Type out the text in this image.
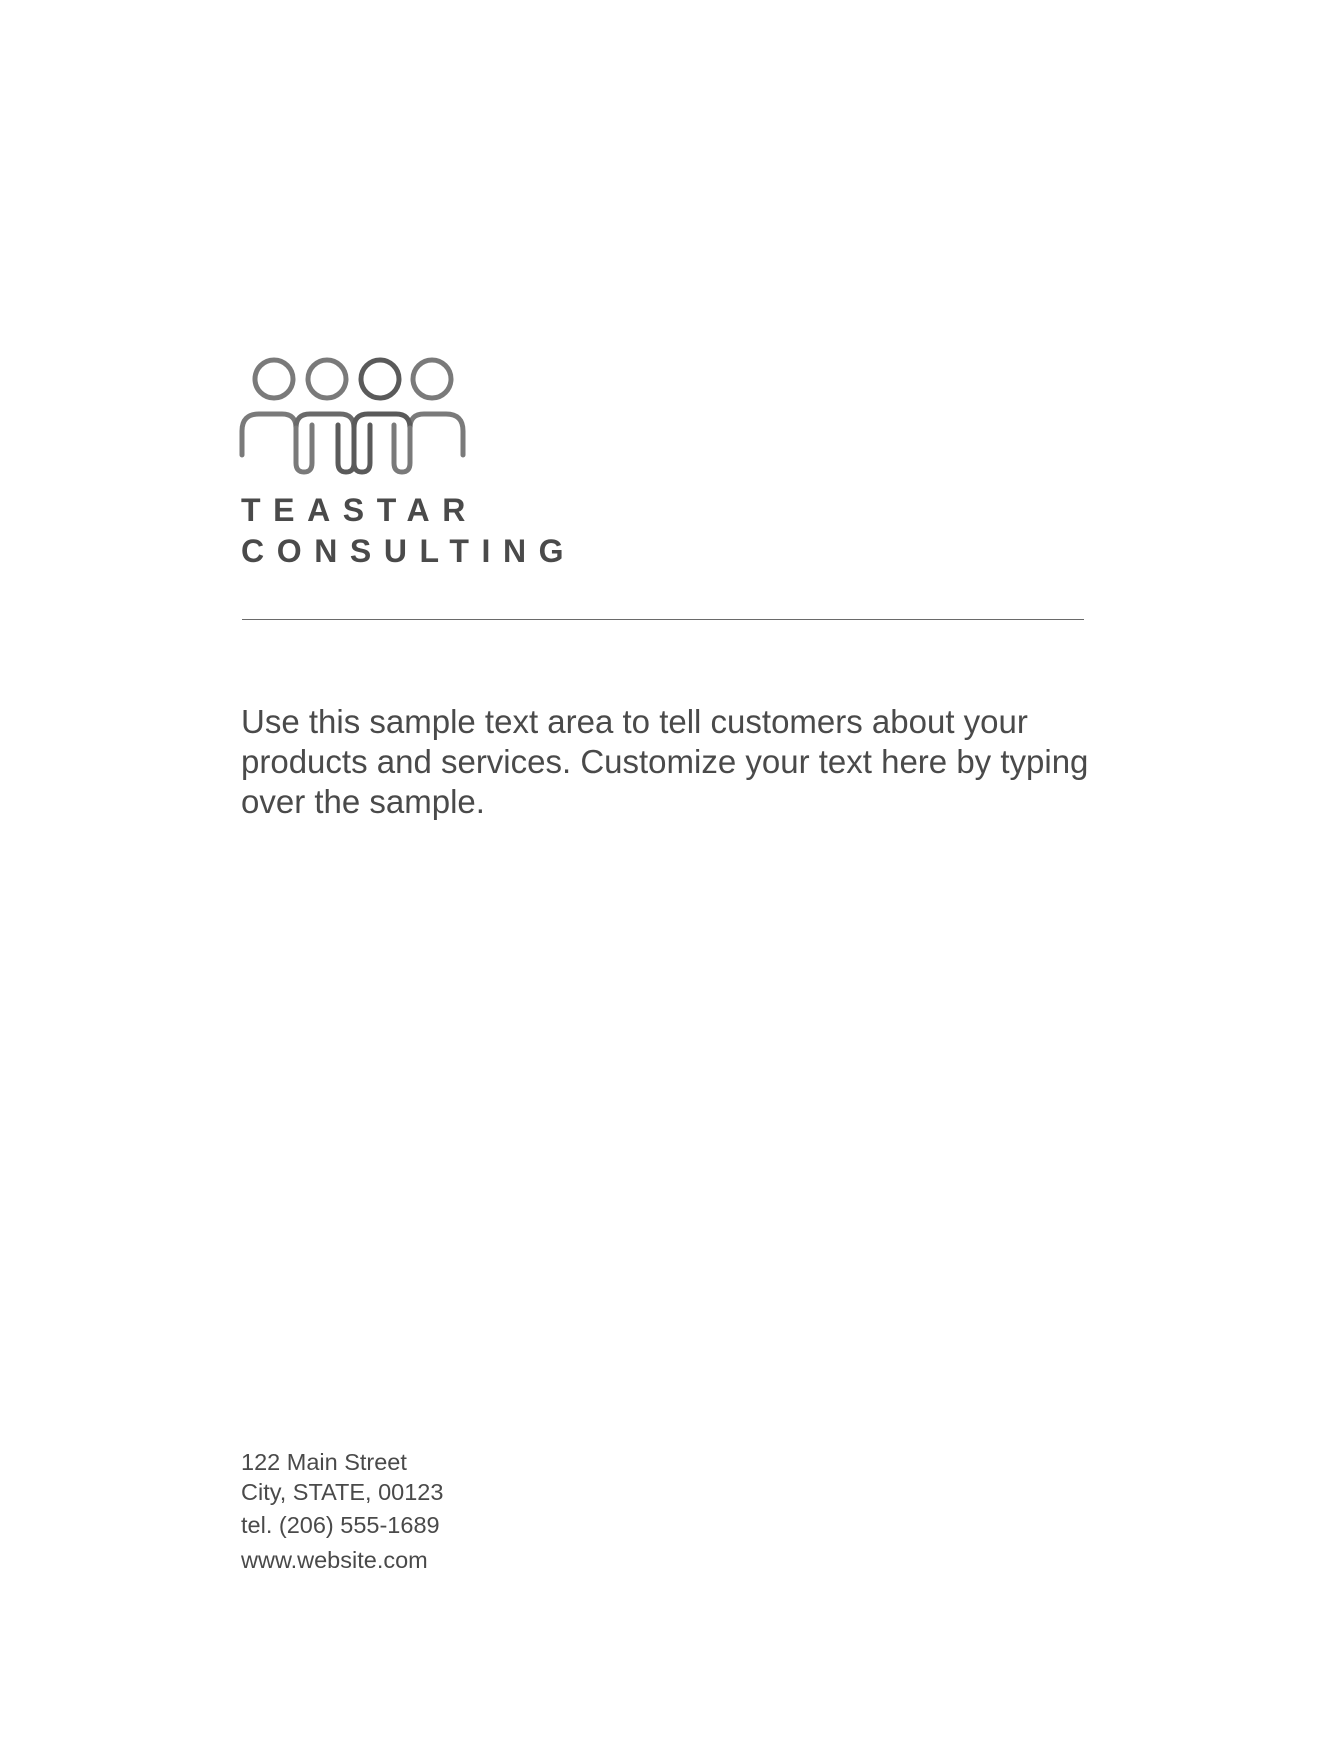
TEASTAR
CONSULTING

Use this sample text area to tell customers about your products and services. Customize your text here by typing over the sample.

122 Main Street
City, STATE, 00123
tel. (206) 555-1689
www.website.com
